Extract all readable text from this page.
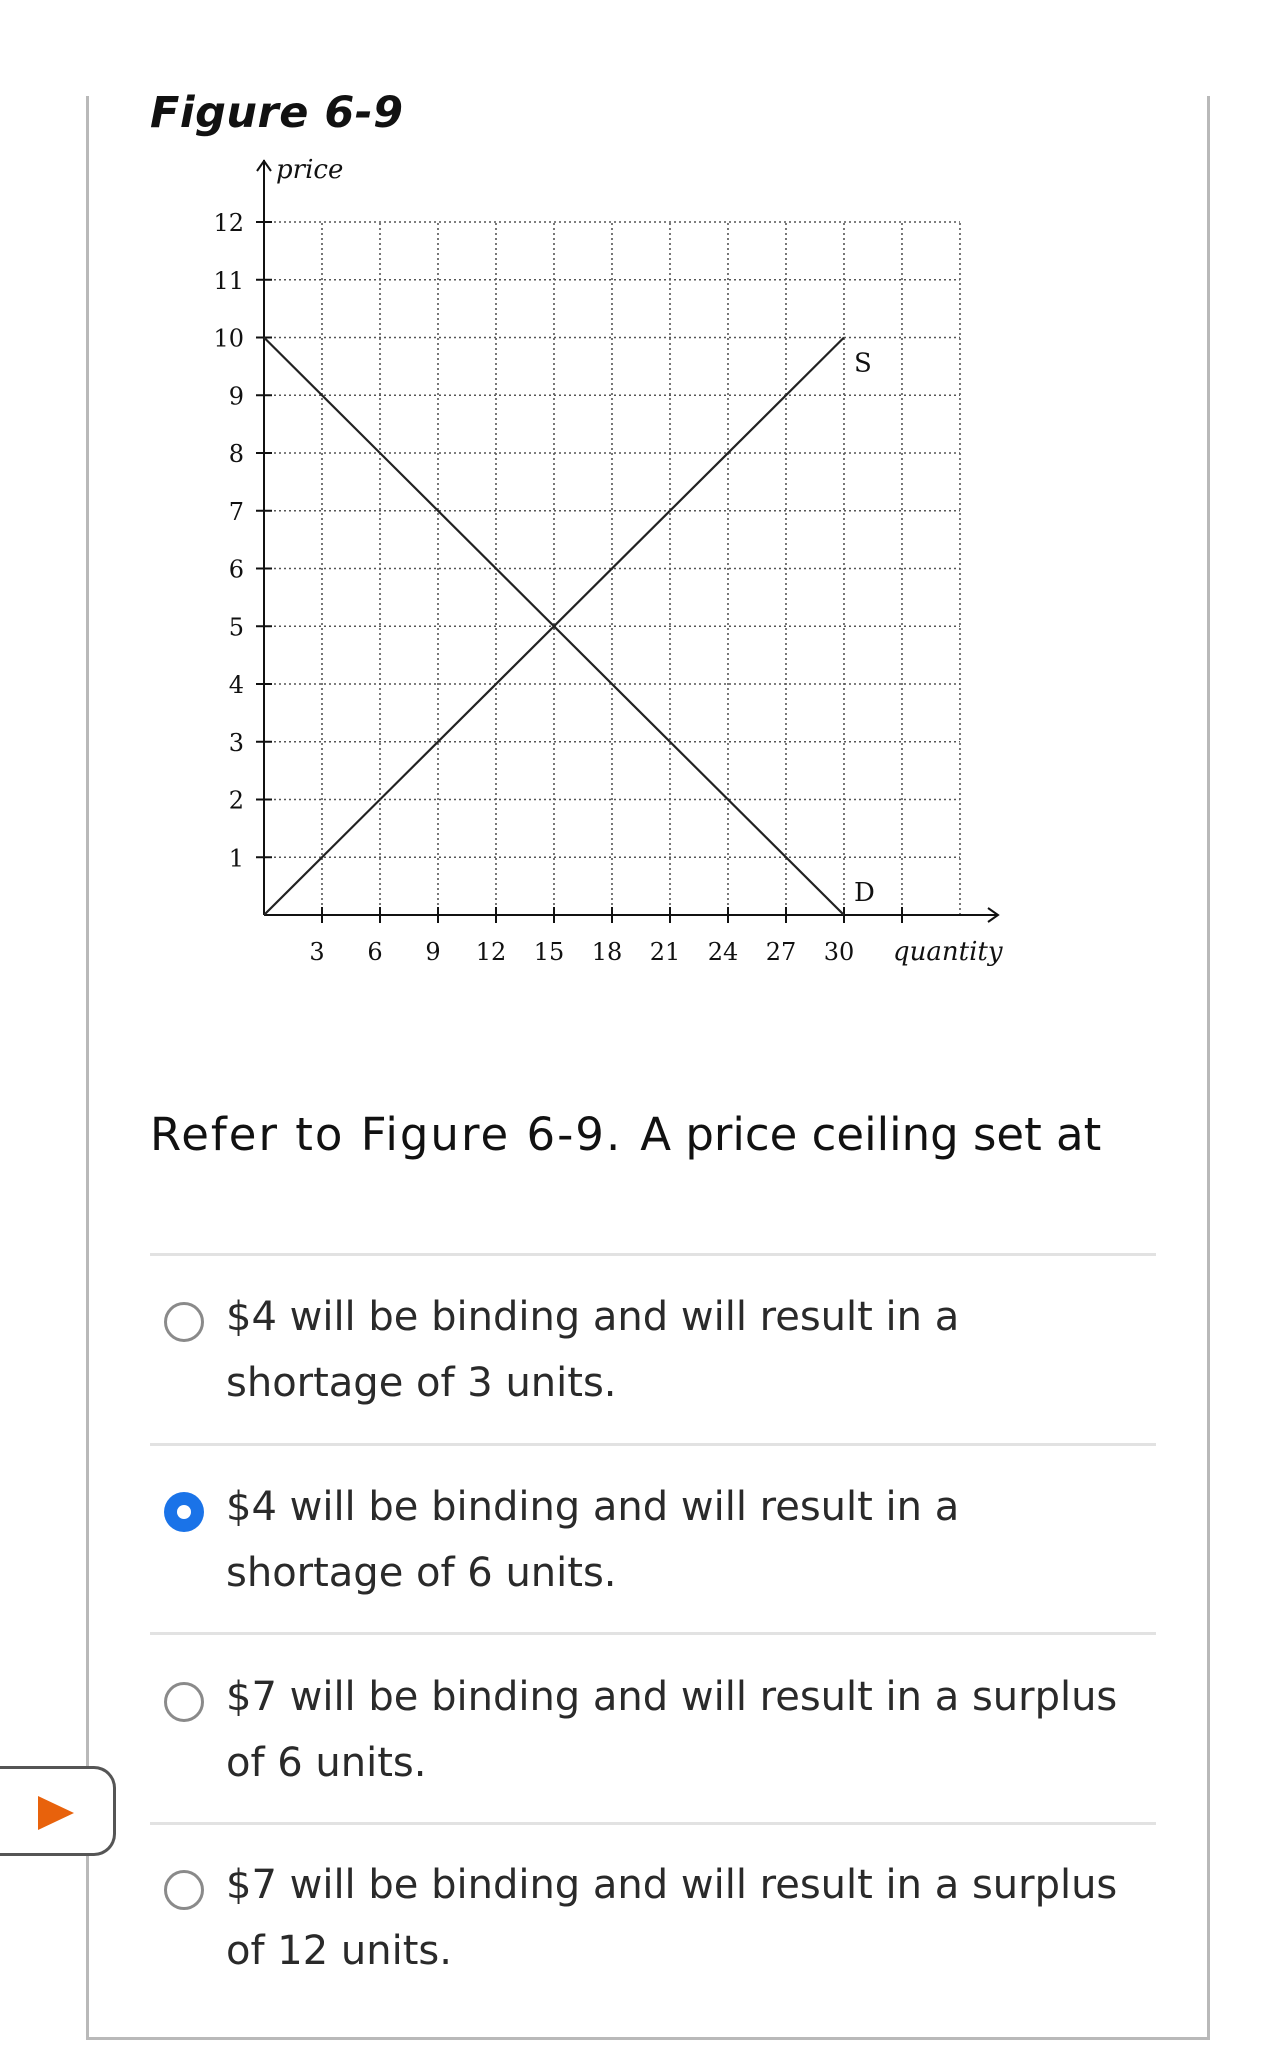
Figure 6-9
1
2
3
4
5
6
7
8
9
10
11
12
3 6 9 12 15 18 21 24 27 30
S
D
price
quantity
Refer to Figure 6-9. A price ceiling set at
$4 will be binding and will result in a shortage of 3 units.
$4 will be binding and will result in a shortage of 6 units.
$7 will be binding and will result in a surplus of 6 units.
$7 will be binding and will result in a surplus of 12 units.
